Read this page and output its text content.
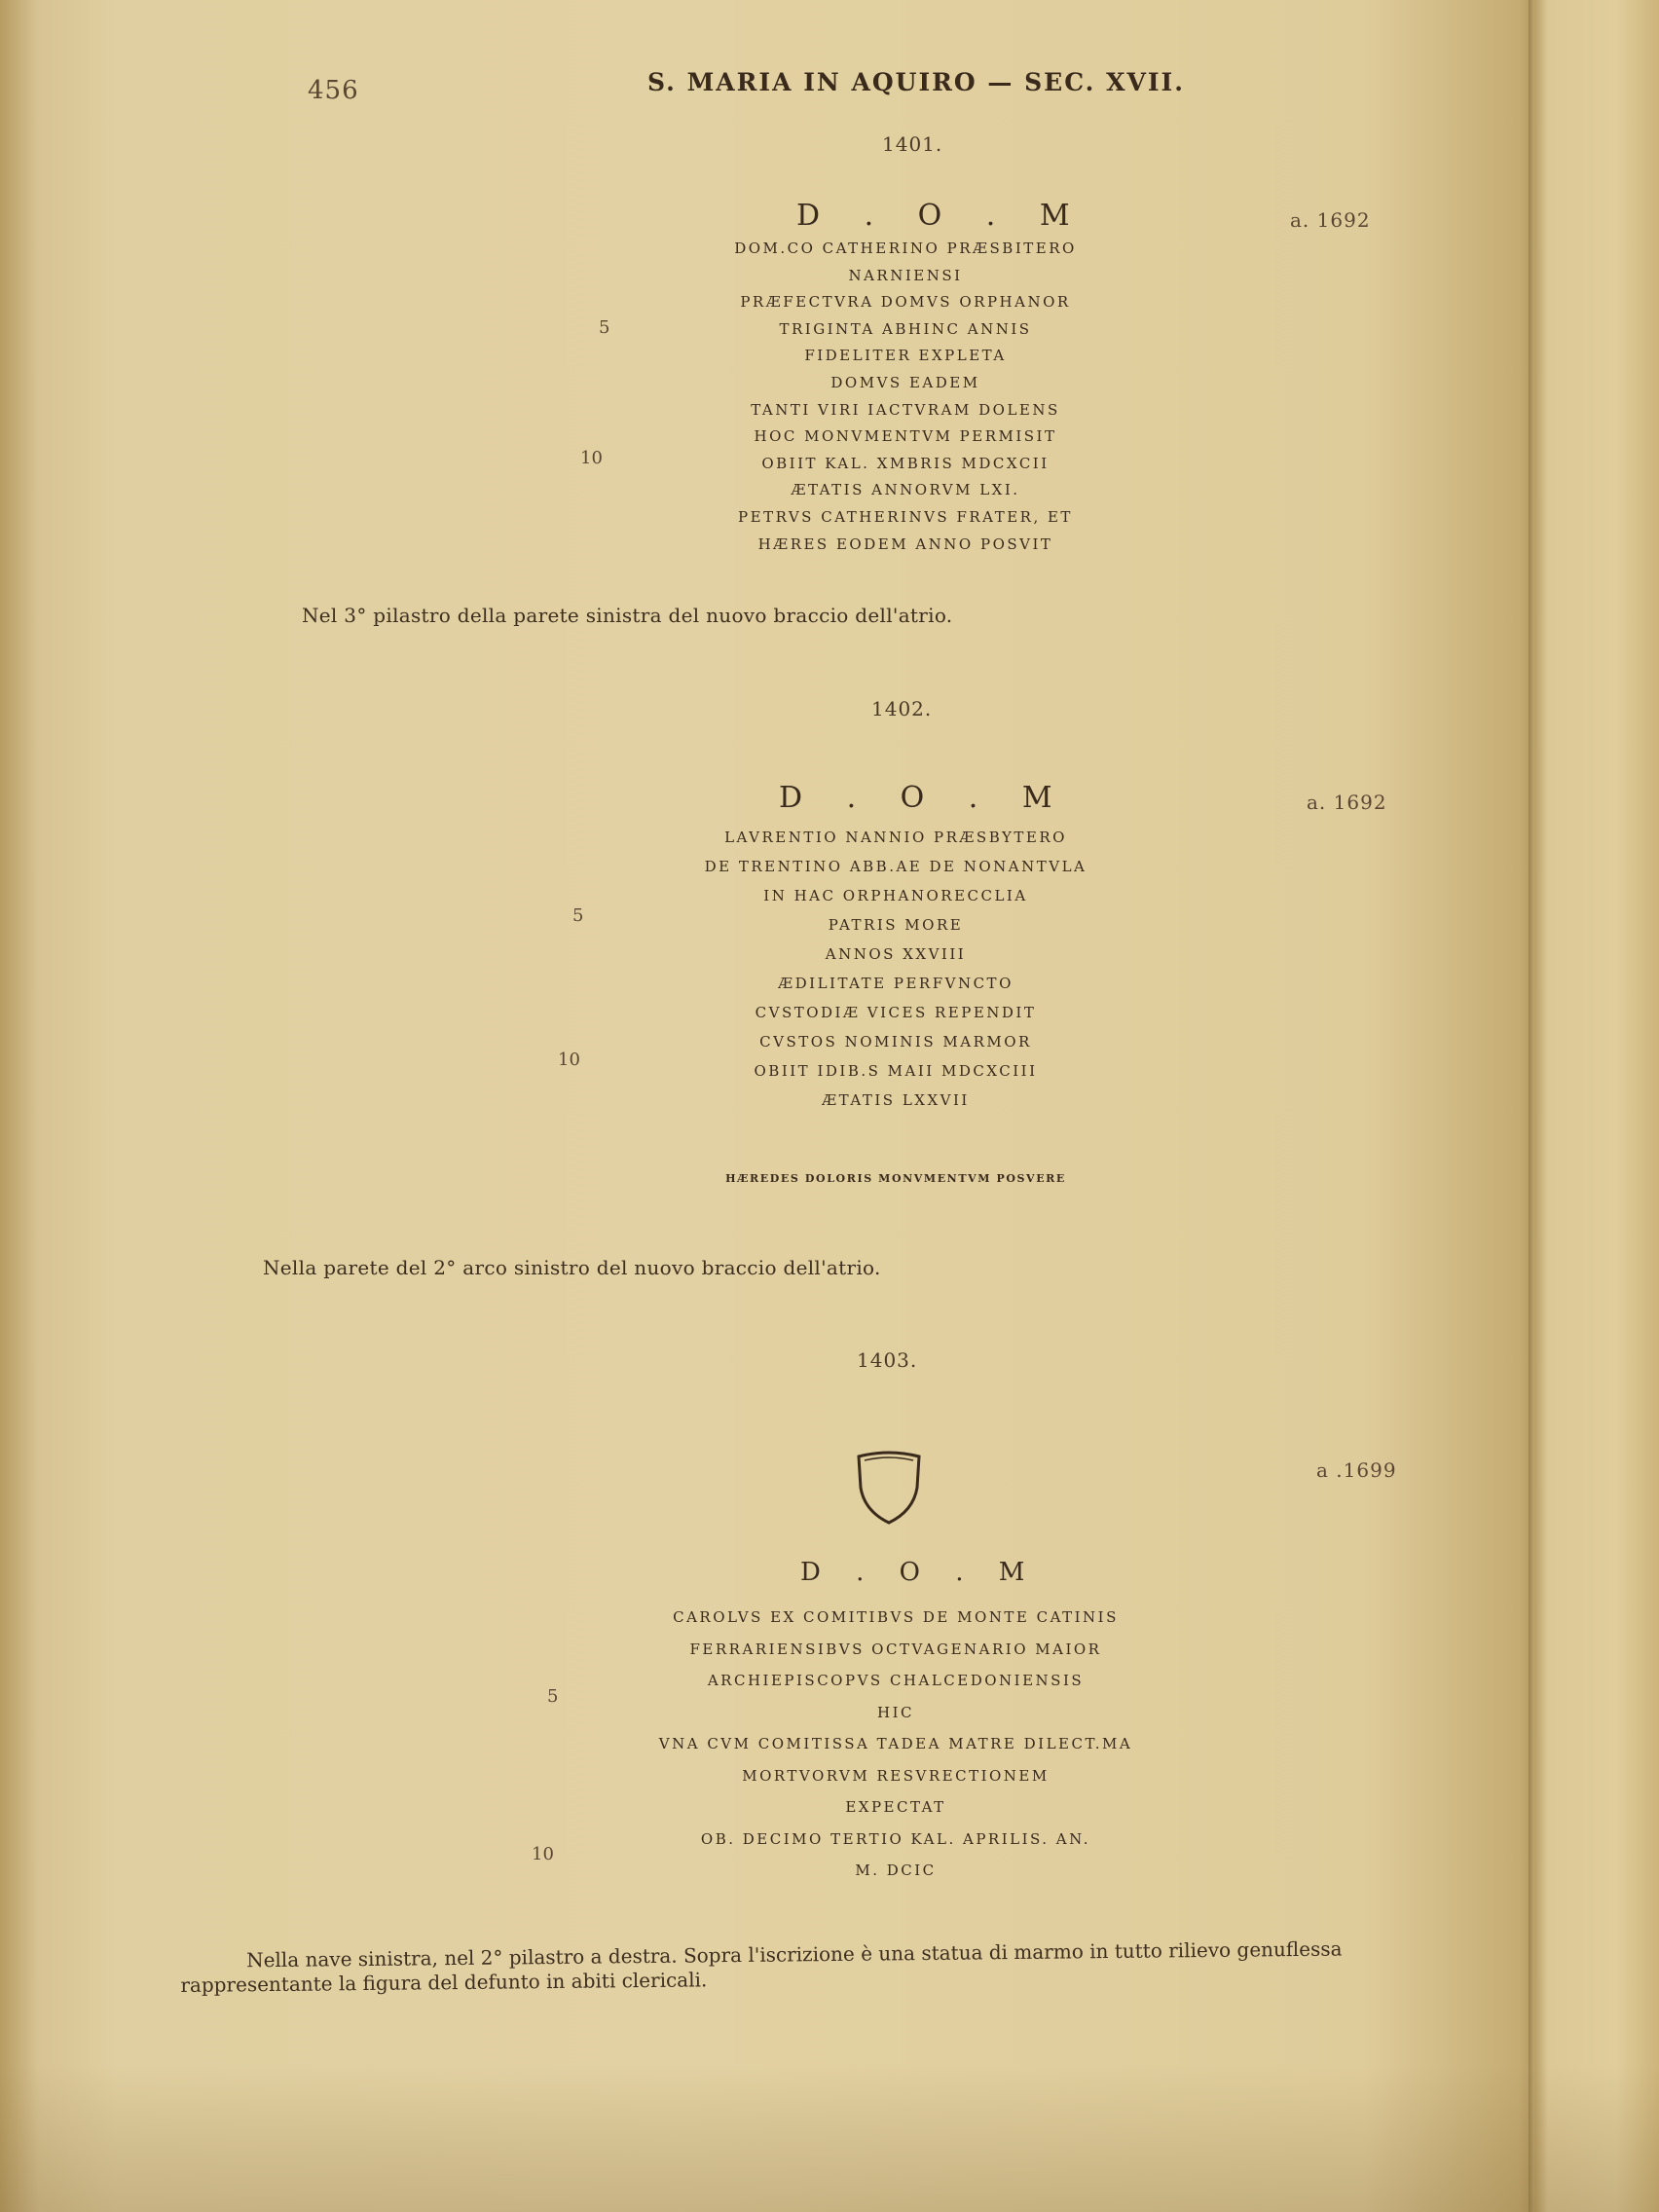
456	S. MARIA IN AQUIRO — SEC. XVII.
1401.
D . O . M	a. 1692
DOM.CO CATHERINO PRÆSBITERO
NARNIENSI
PRÆFECTVRA DOMVS ORPHANOR
TRIGINTA ABHINC ANNIS
FIDELITER EXPLETA
DOMVS EADEM
TANTI VIRI IACTVRAM DOLENS
HOC MONVMENTVM PERMISIT
OBIIT KAL. XMBRIS MDCXCII
ÆTATIS ANNORVM LXI.
PETRVS CATHERINVS FRATER, ET
HÆRES EODEM ANNO POSVIT
5
10
Nel 3° pilastro della parete sinistra del nuovo braccio dell'atrio.
1402.
D . O . M	a. 1692
LAVRENTIO NANNIO PRÆSBYTERO
DE TRENTINO ABB.AE DE NONANTVLA
IN HAC ORPHANORECCLIA
PATRIS MORE
ANNOS XXVIII
ÆDILITATE PERFVNCTO
CVSTODIÆ VICES REPENDIT
CVSTOS NOMINIS MARMOR
OBIIT IDIB.S MAII MDCXCIII
ÆTATIS LXXVII
HÆREDES DOLORIS MONVMENTVM POSVERE
5
10
Nella parete del 2° arco sinistro del nuovo braccio dell'atrio.
1403.
a .1699
D . O . M
CAROLVS EX COMITIBVS DE MONTE CATINIS
FERRARIENSIBVS OCTVAGENARIO MAIOR
ARCHIEPISCOPVS CHALCEDONIENSIS
HIC
VNA CVM COMITISSA TADEA MATRE DILECT.MA
MORTVORVM RESVRECTIONEM
EXPECTAT
OB. DECIMO TERTIO KAL. APRILIS. AN.
M. DCIC
5
10
Nella nave sinistra, nel 2° pilastro a destra. Sopra l'iscrizione è una statua di marmo in tutto rilievo genuflessa
rappresentante la figura del defunto in abiti clericali.
